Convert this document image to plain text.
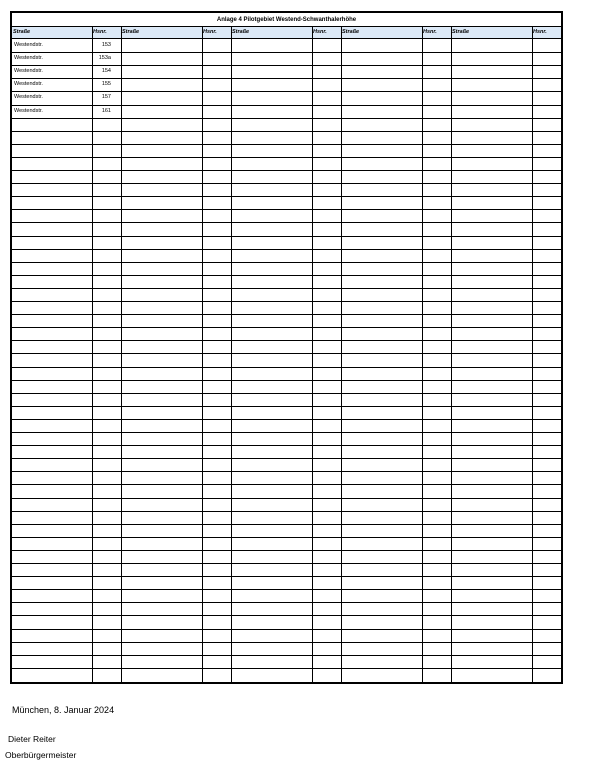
Anlage 4 Pilotgebiet Westend-Schwanthalerhöhe
Straße	Hsnr.	Straße	Hsnr.	Straße	Hsnr.	Straße	Hsnr.	Straße	Hsnr.
Westendstr.	153
Westendstr.	153a
Westendstr.	154
Westendstr.	155
Westendstr.	157
Westendstr.	161
München, 8. Januar 2024
Dieter Reiter
Oberbürgermeister
